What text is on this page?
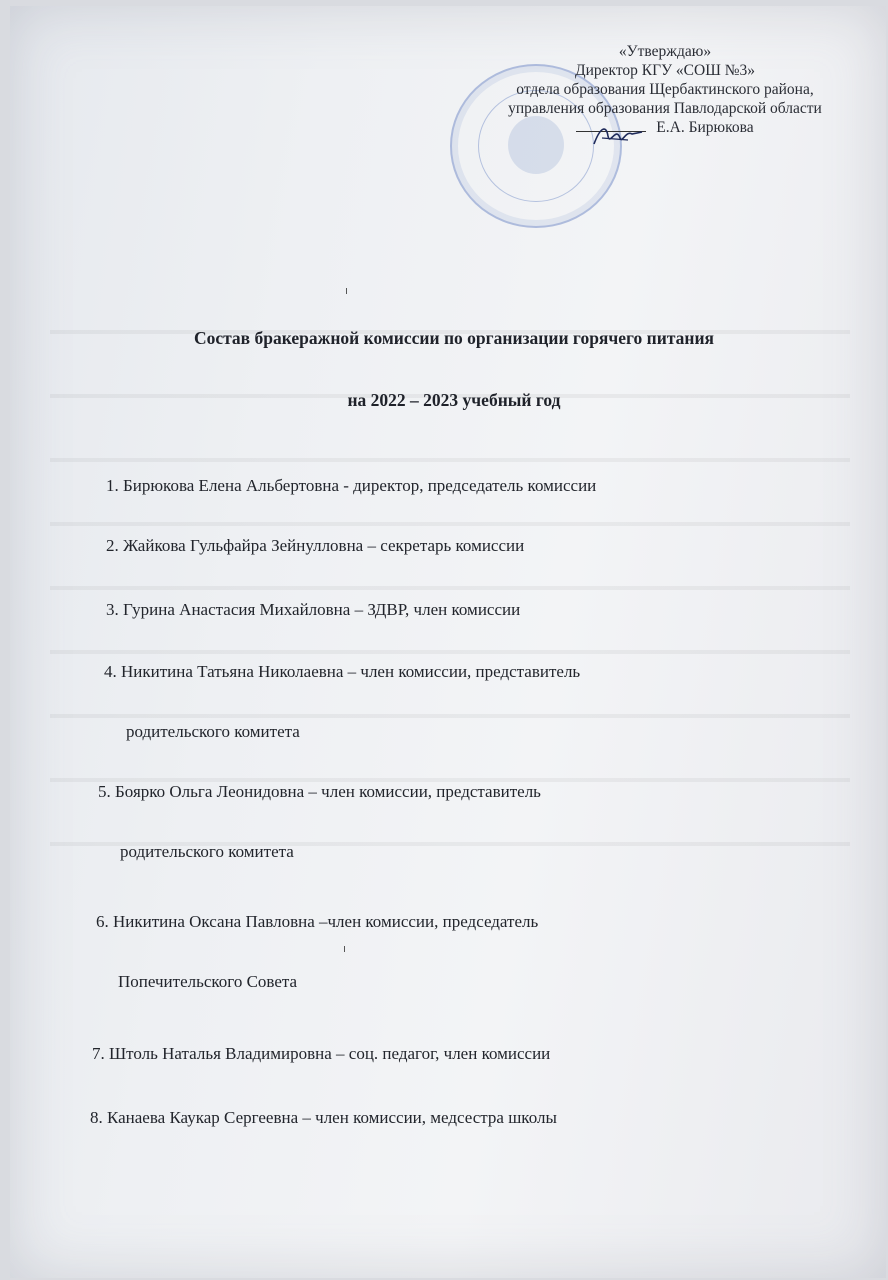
«Утверждаю»
Директор КГУ «СОШ №3»
отдела образования Щербактинского района,
управления образования Павлодарской области
Е.А. Бирюкова
Состав бракеражной комиссии по организации горячего питания
на 2022 – 2023 учебный год
1. Бирюкова Елена Альбертовна - директор, председатель комиссии
2. Жайкова Гульфайра Зейнулловна – секретарь комиссии
3. Гурина Анастасия Михайловна – ЗДВР, член комиссии
4. Никитина Татьяна Николаевна – член комиссии, представитель
родительского комитета
5. Боярко Ольга Леонидовна – член комиссии, представитель
родительского комитета
6. Никитина Оксана Павловна –член комиссии, председатель
Попечительского Совета
7. Штоль Наталья Владимировна – соц. педагог, член комиссии
8. Канаева Каукар Сергеевна – член комиссии, медсестра школы
